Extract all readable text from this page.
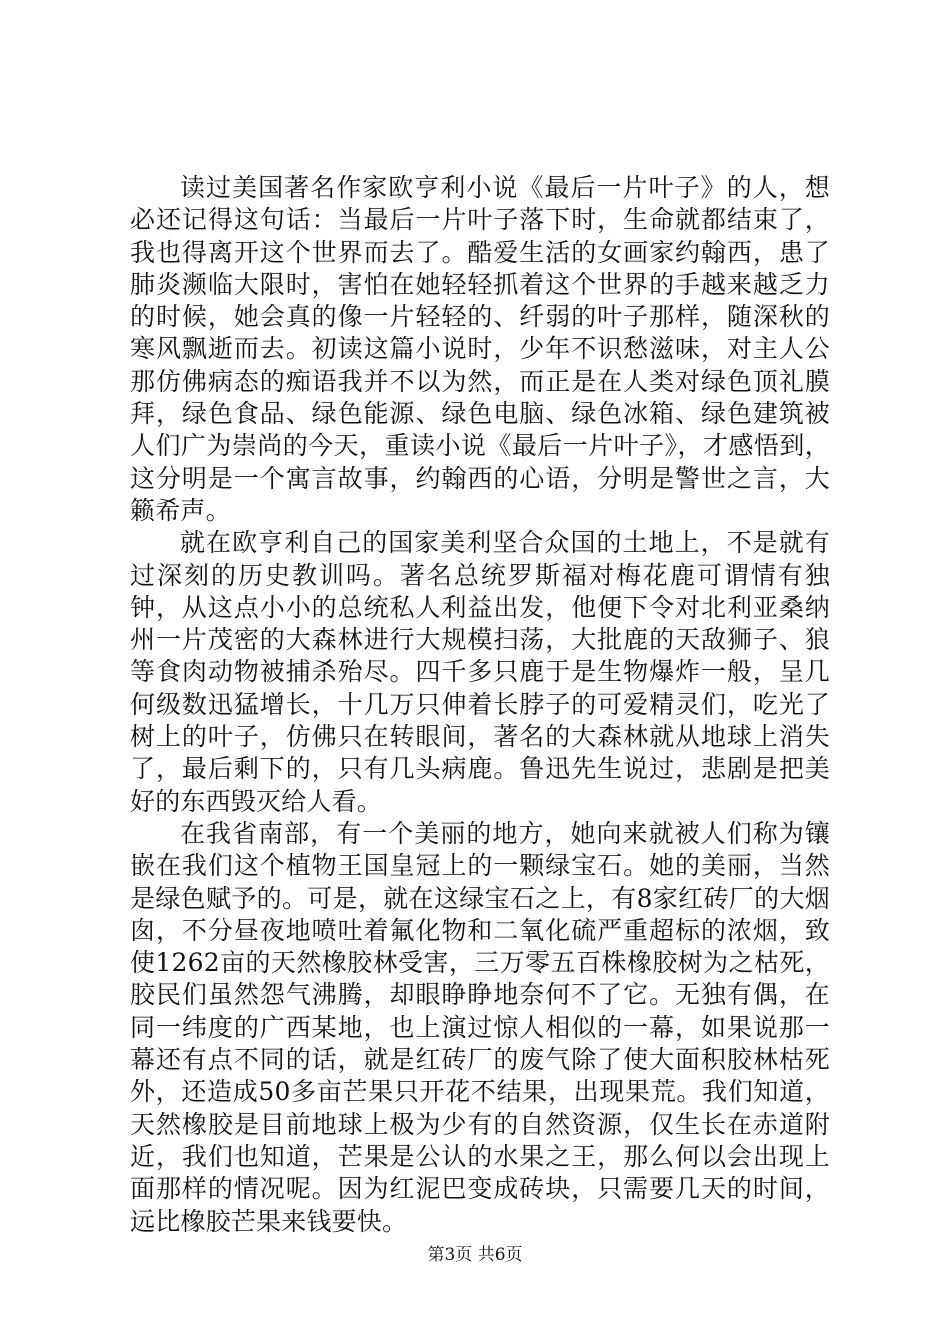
读过美国著名作家欧亨利小说《最后一片叶子》的人，想必还记得这句话：当最后一片叶子落下时，生命就都结束了，我也得离开这个世界而去了。酷爱生活的女画家约翰西，患了肺炎濒临大限时，害怕在她轻轻抓着这个世界的手越来越乏力的时候，她会真的像一片轻轻的、纤弱的叶子那样，随深秋的寒风飘逝而去。初读这篇小说时，少年不识愁滋味，对主人公那仿佛病态的痴语我并不以为然，而正是在人类对绿色顶礼膜拜，绿色食品、绿色能源、绿色电脑、绿色冰箱、绿色建筑被人们广为崇尚的今天，重读小说《最后一片叶子》，才感悟到，这分明是一个寓言故事，约翰西的心语，分明是警世之言，大籁希声。

就在欧亨利自己的国家美利坚合众国的土地上，不是就有过深刻的历史教训吗。著名总统罗斯福对梅花鹿可谓情有独钟，从这点小小的总统私人利益出发，他便下令对北利亚桑纳州一片茂密的大森林进行大规模扫荡，大批鹿的天敌狮子、狼等食肉动物被捕杀殆尽。四千多只鹿于是生物爆炸一般，呈几何级数迅猛增长，十几万只伸着长脖子的可爱精灵们，吃光了树上的叶子，仿佛只在转眼间，著名的大森林就从地球上消失了，最后剩下的，只有几头病鹿。鲁迅先生说过，悲剧是把美好的东西毁灭给人看。

在我省南部，有一个美丽的地方，她向来就被人们称为镶嵌在我们这个植物王国皇冠上的一颗绿宝石。她的美丽，当然是绿色赋予的。可是，就在这绿宝石之上，有8家红砖厂的大烟囱，不分昼夜地喷吐着氟化物和二氧化硫严重超标的浓烟，致使1262亩的天然橡胶林受害，三万零五百株橡胶树为之枯死，胶民们虽然怨气沸腾，却眼睁睁地奈何不了它。无独有偶，在同一纬度的广西某地，也上演过惊人相似的一幕，如果说那一幕还有点不同的话，就是红砖厂的废气除了使大面积胶林枯死外，还造成50多亩芒果只开花不结果，出现果荒。我们知道，天然橡胶是目前地球上极为少有的自然资源，仅生长在赤道附近，我们也知道，芒果是公认的水果之王，那么何以会出现上面那样的情况呢。因为红泥巴变成砖块，只需要几天的时间，远比橡胶芒果来钱要快。

第3页 共6页
